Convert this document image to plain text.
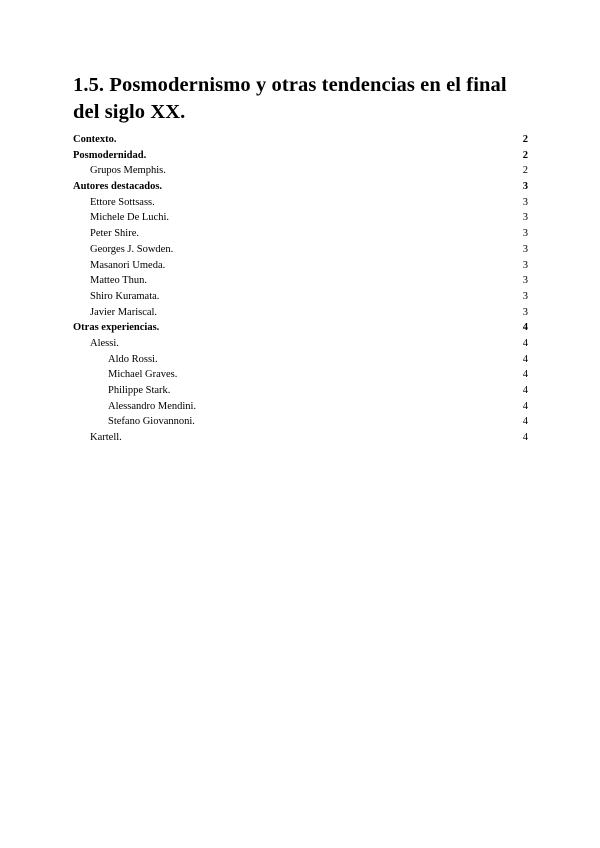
1.5. Posmodernismo y otras tendencias en el final del siglo XX.
Contexto.	2
Posmodernidad.	2
Grupos Memphis.	2
Autores destacados.	3
Ettore Sottsass.	3
Michele De Luchi.	3
Peter Shire.	3
Georges J. Sowden.	3
Masanori Umeda.	3
Matteo Thun.	3
Shiro Kuramata.	3
Javier Mariscal.	3
Otras experiencias.	4
Alessi.	4
Aldo Rossi.	4
Michael Graves.	4
Philippe Stark.	4
Alessandro Mendini.	4
Stefano Giovannoni.	4
Kartell.	4
